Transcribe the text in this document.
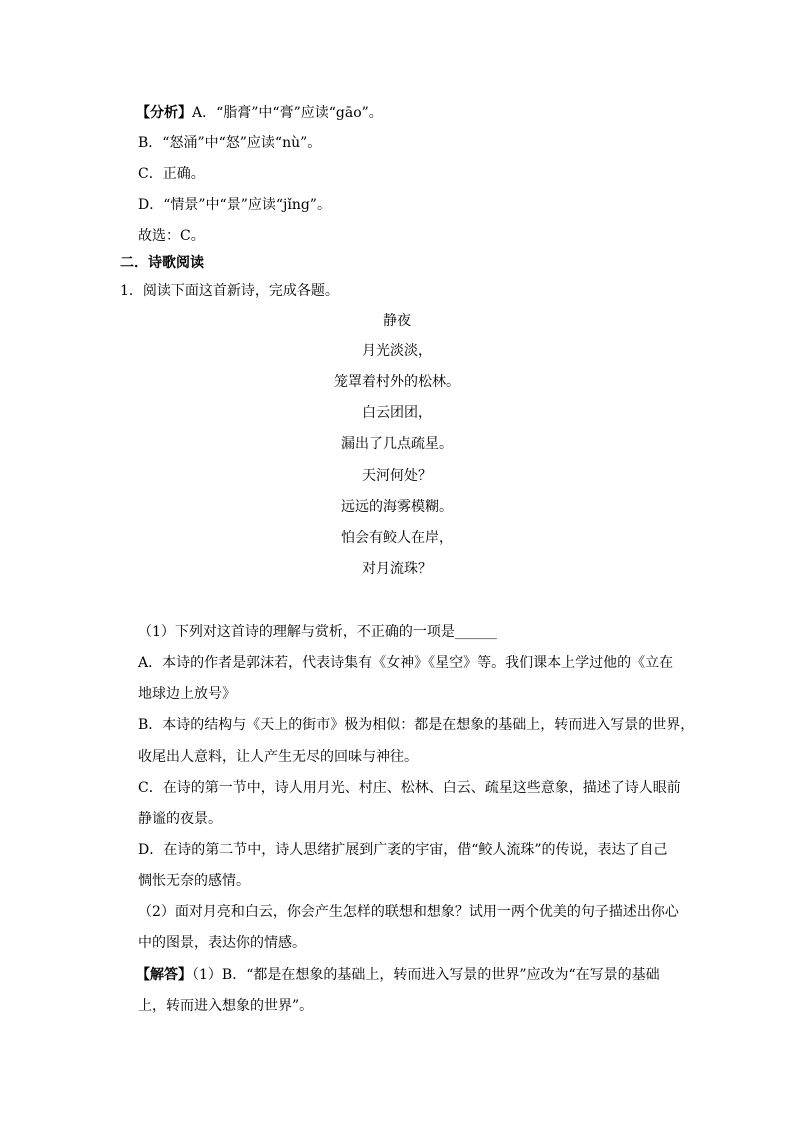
【分析】A．“脂膏”中“膏”应读“gāo”。
B．“怒涌”中“怒”应读“nù”。
C．正确。
D．“情景”中“景”应读“jǐng”。
故选：C。
二．诗歌阅读
1．阅读下面这首新诗，完成各题。
静夜
月光淡淡，
笼罩着村外的松林。
白云团团，
漏出了几点疏星。
天河何处？
远远的海雾模糊。
怕会有鲛人在岸，
对月流珠？
（1）下列对这首诗的理解与赏析，不正确的一项是______
A．本诗的作者是郭沫若，代表诗集有《女神》《星空》等。我们课本上学过他的《立在
地球边上放号》
B．本诗的结构与《天上的街市》极为相似：都是在想象的基础上，转而进入写景的世界，
收尾出人意料，让人产生无尽的回味与神往。
C．在诗的第一节中，诗人用月光、村庄、松林、白云、疏星这些意象，描述了诗人眼前
静谧的夜景。
D．在诗的第二节中，诗人思绪扩展到广袤的宇宙，借“鲛人流珠”的传说，表达了自己
惆怅无奈的感情。
（2）面对月亮和白云，你会产生怎样的联想和想象？试用一两个优美的句子描述出你心
中的图景，表达你的情感。
【解答】（1）B．“都是在想象的基础上，转而进入写景的世界”应改为“在写景的基础
上，转而进入想象的世界”。
